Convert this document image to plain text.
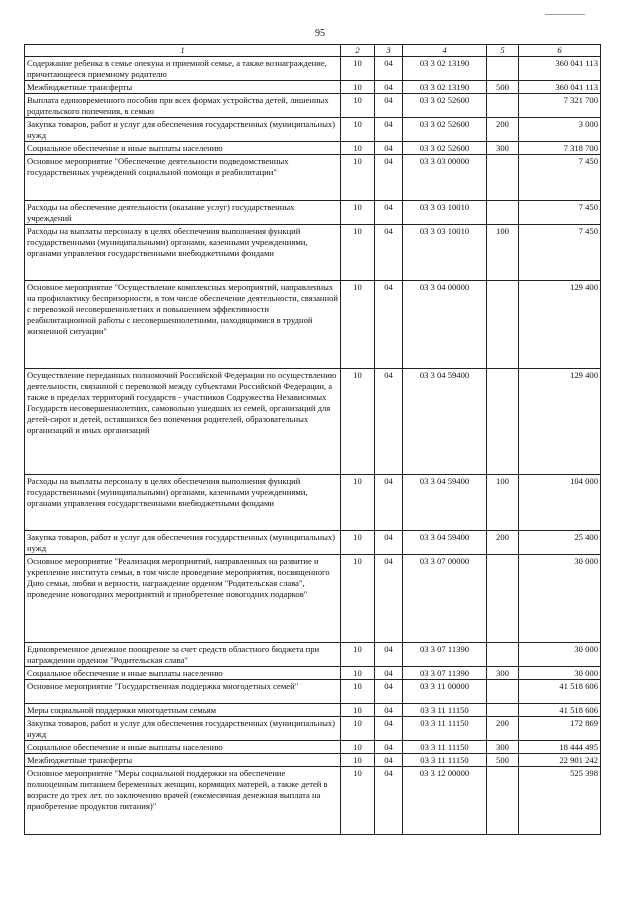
95
1	2	3	4	5	6
Содержание ребенка в семье опекуна и приемной семье, а также вознаграждение, причитающееся приемному родителю	10	04	03 3 02 13190		360 041 113
Межбюджетные трансферты	10	04	03 3 02 13190	500	360 041 113
Выплата единовременного пособия при всех формах устройства детей, лишенных родительского попечения, в семью	10	04	03 3 02 52600		7 321 700
Закупка товаров, работ и услуг для обеспечения государственных (муниципальных) нужд	10	04	03 3 02 52600	200	3 000
Социальное обеспечение и иные выплаты населению	10	04	03 3 02 52600	300	7 318 700
Основное мероприятие "Обеспечение деятельности подведомственных государственных учреждений социальной помощи и реабилитации"	10	04	03 3 03 00000		7 450
Расходы на обеспечение деятельности (оказание услуг) государственных учреждений	10	04	03 3 03 10010		7 450
Расходы на выплаты персоналу в целях обеспечения выполнения функций государственными (муниципальными) органами, казенными учреждениями, органами управления государственными внебюджетными фондами	10	04	03 3 03 10010	100	7 450
Основное мероприятие "Осуществление комплексных мероприятий, направленных на профилактику беспризорности, в том числе обеспечение деятельности, связанной с перевозкой несовершеннолетних и повышением эффективности реабилитационной работы с несовершеннолетними, находящимися в трудной жизненной ситуации"	10	04	03 3 04 00000		129 400
Осуществление переданных полномочий Российской Федерации по осуществлению деятельности, связанной с перевозкой между субъектами Российской Федерации, а также в пределах территорий государств - участников Содружества Независимых Государств несовершеннолетних, самовольно ушедших из семей, организаций для детей-сирот и детей, оставшихся без попечения родителей, образовательных организаций и иных организаций	10	04	03 3 04 59400		129 400
Расходы на выплаты персоналу в целях обеспечения выполнения функций государственными (муниципальными) органами, казенными учреждениями, органами управления государственными внебюджетными фондами	10	04	03 3 04 59400	100	104 000
Закупка товаров, работ и услуг для обеспечения государственных (муниципальных) нужд	10	04	03 3 04 59400	200	25 400
Основное мероприятие "Реализация мероприятий, направленных на развитие и укрепление института семьи, в том числе проведение мероприятия, посвященного Дню семьи, любви и верности, награждение орденом "Родительская слава", проведение новогодних мероприятий и приобретение новогодних подарков"	10	04	03 3 07 00000		30 000
Единовременное денежное поощрение за счет средств областного бюджета при награждении орденом "Родительская слава"	10	04	03 3 07 11390		30 000
Социальное обеспечение и иные выплаты населению	10	04	03 3 07 11390	300	30 000
Основное мероприятие "Государственная поддержка многодетных семей"	10	04	03 3 11 00000		41 518 606
Меры социальной поддержки многодетным семьям	10	04	03 3 11 11150		41 518 606
Закупка товаров, работ и услуг для обеспечения государственных (муниципальных) нужд	10	04	03 3 11 11150	200	172 869
Социальное обеспечение и иные выплаты населению	10	04	03 3 11 11150	300	18 444 495
Межбюджетные трансферты	10	04	03 3 11 11150	500	22 901 242
Основное мероприятие "Меры социальной поддержки на обеспечение полноценным питанием беременных женщин, кормящих матерей, а также детей в возрасте до трех лет. по заключению врачей (ежемесячная денежная выплата на приобретение продуктов питания)"	10	04	03 3 12 00000		525 398
